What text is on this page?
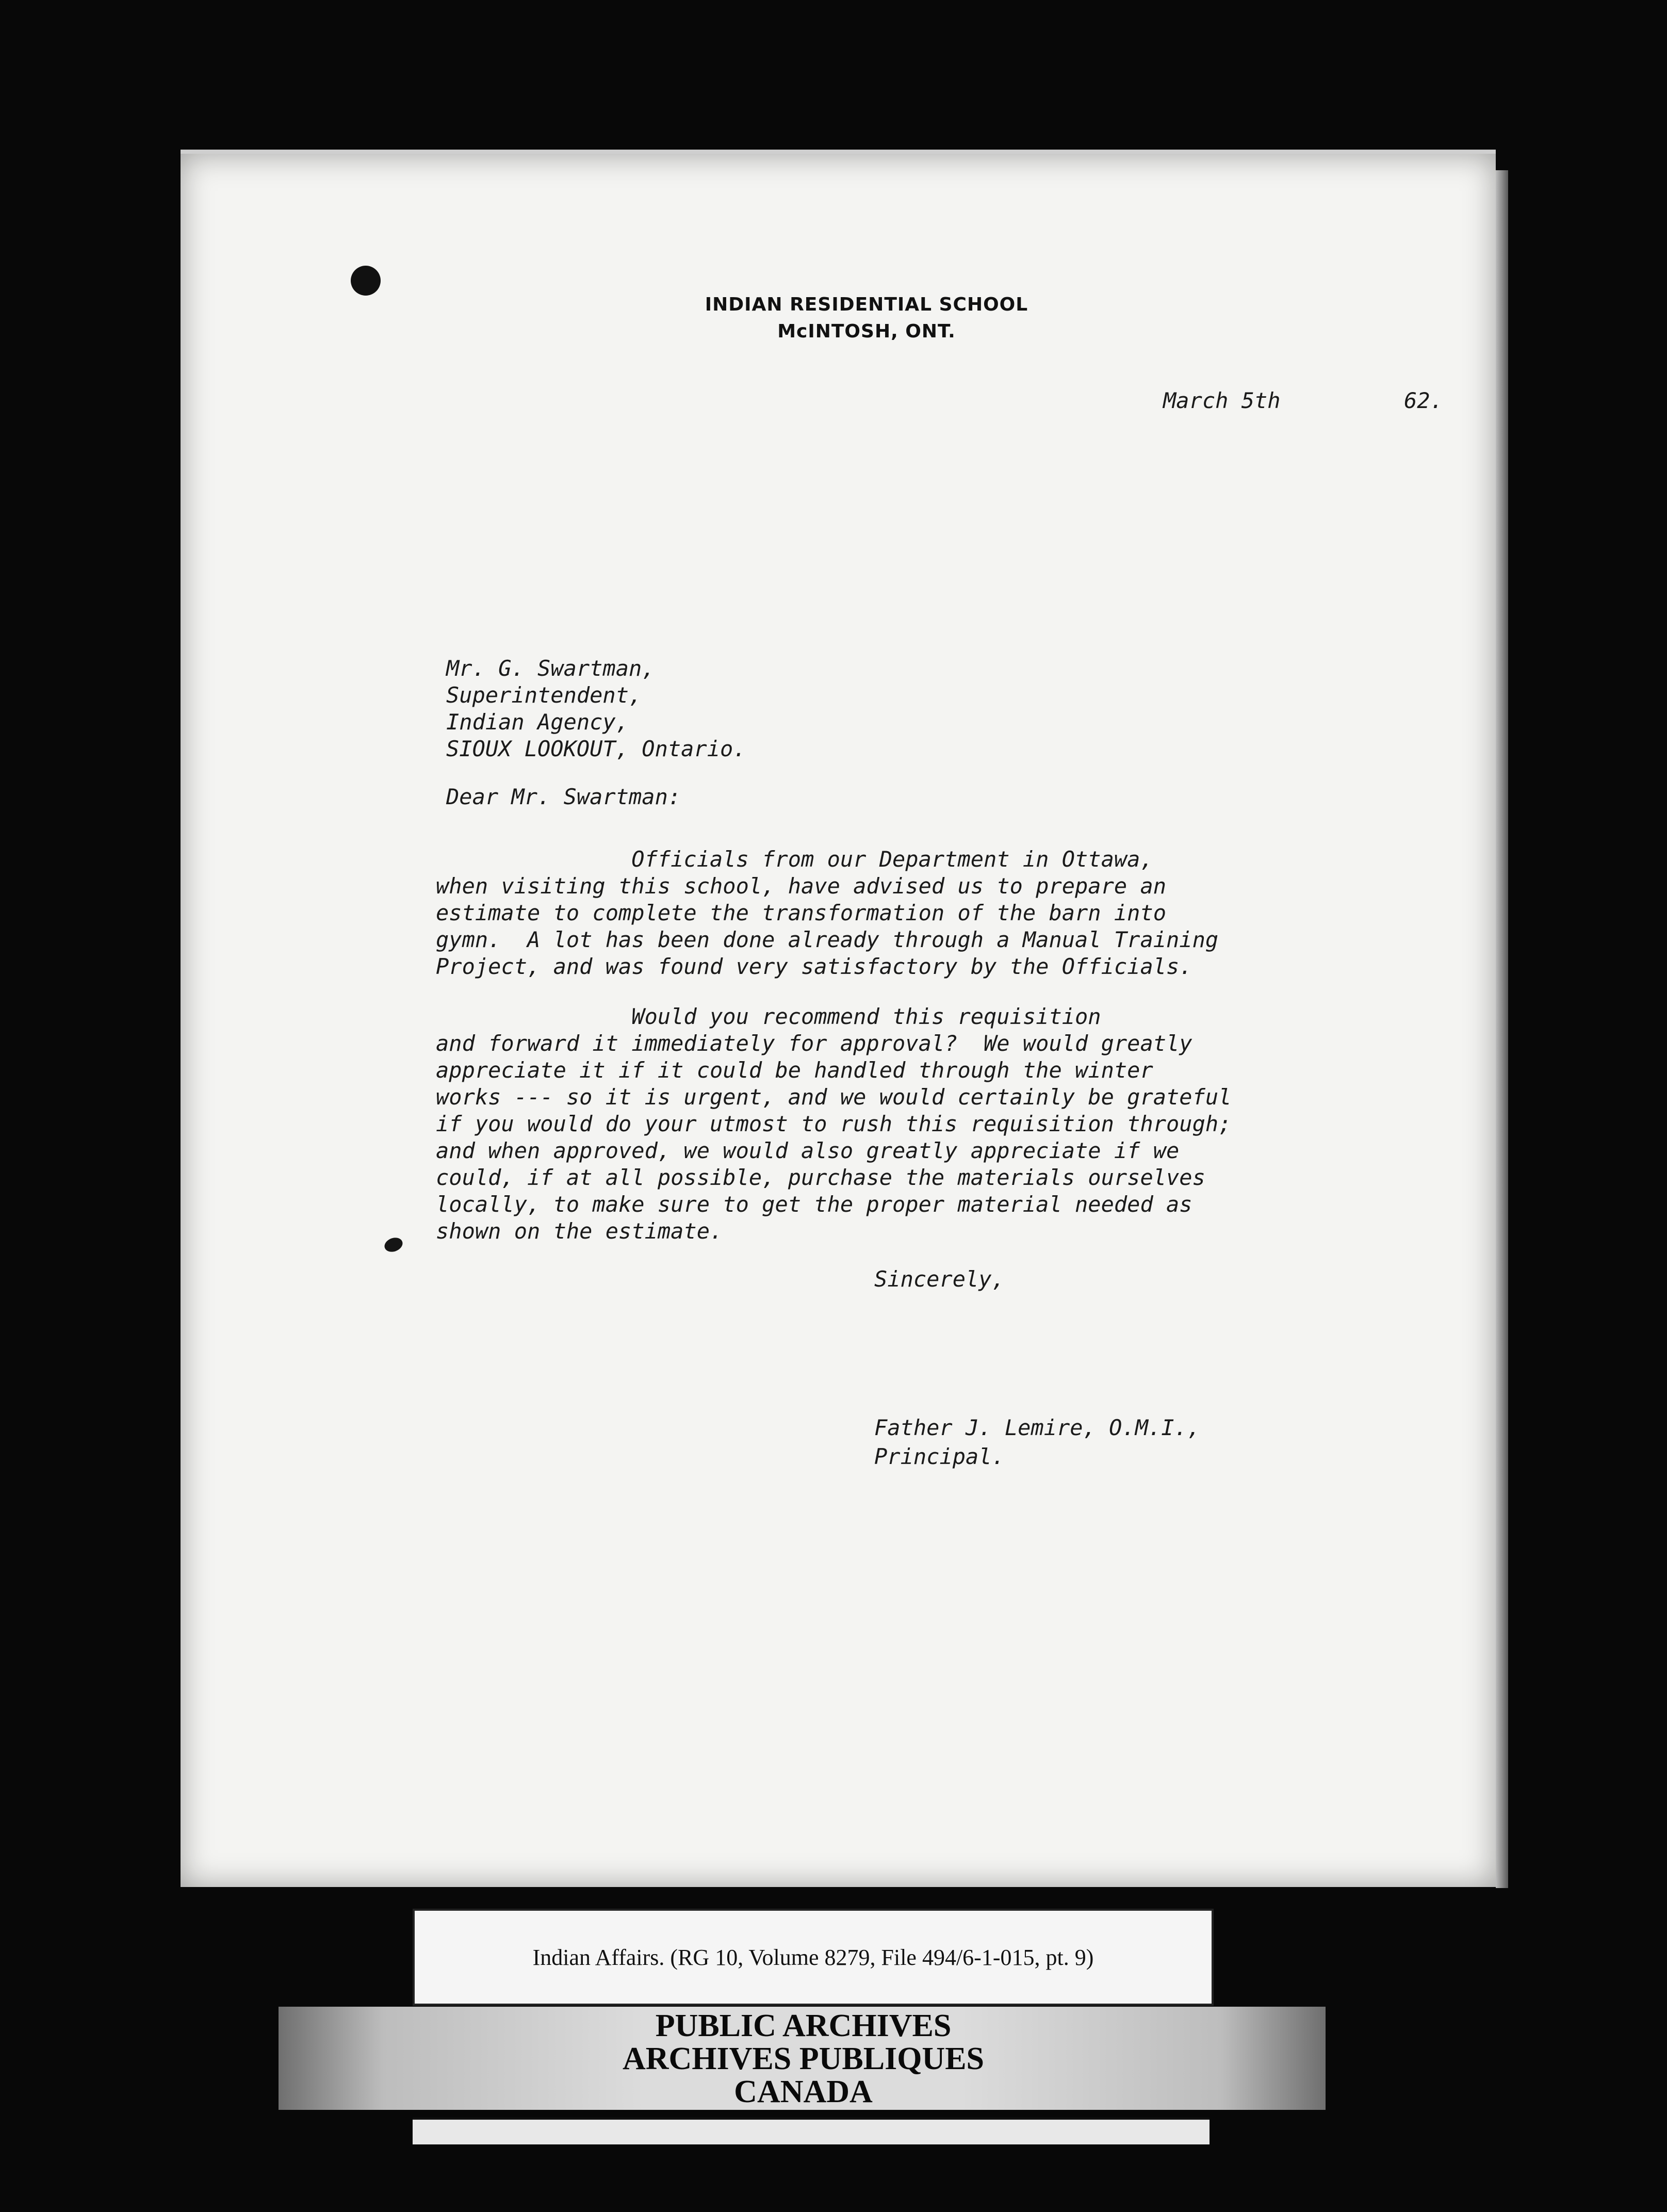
INDIAN RESIDENTIAL SCHOOL
McINTOSH, ONT.
March 5th	62.
Mr. G. Swartman,
Superintendent,
Indian Agency,
SIOUX LOOKOUT, Ontario.
Dear Mr. Swartman:
Officials from our Department in Ottawa,
when visiting this school, have advised us to prepare an
estimate to complete the transformation of the barn into
gymn.  A lot has been done already through a Manual Training
Project, and was found very satisfactory by the Officials.
Would you recommend this requisition
and forward it immediately for approval?  We would greatly
appreciate it if it could be handled through the winter
works --- so it is urgent, and we would certainly be grateful
if you would do your utmost to rush this requisition through;
and when approved, we would also greatly appreciate if we
could, if at all possible, purchase the materials ourselves
locally, to make sure to get the proper material needed as
shown on the estimate.
Sincerely,
Father J. Lemire, O.M.I.,
Principal.
Indian Affairs. (RG 10, Volume 8279, File 494/6-1-015, pt. 9)
PUBLIC ARCHIVES
ARCHIVES PUBLIQUES
CANADA
